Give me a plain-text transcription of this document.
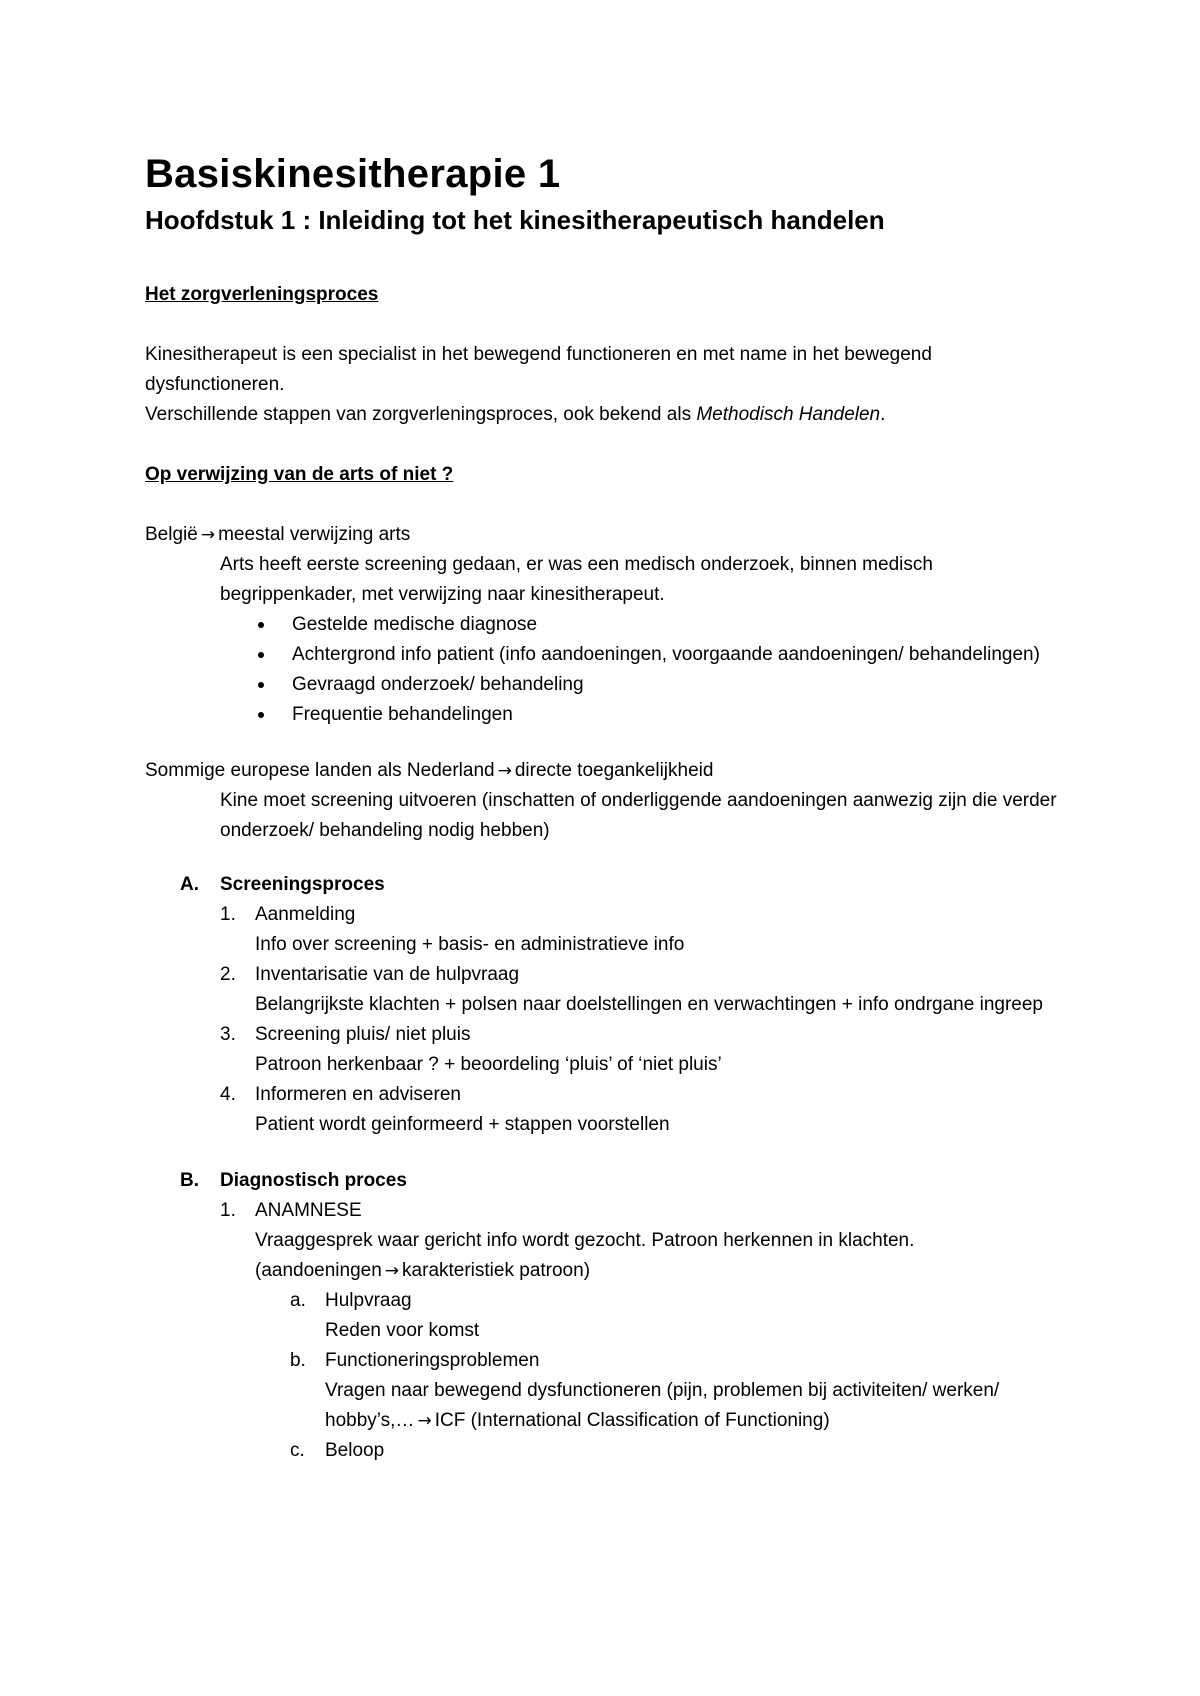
Basiskinesitherapie 1
Hoofdstuk 1 : Inleiding tot het kinesitherapeutisch handelen

Het zorgverleningsproces

Kinesitherapeut is een specialist in het bewegend functioneren en met name in het bewegend dysfunctioneren.

Verschillende stappen van zorgverleningsproces, ook bekend als Methodisch Handelen.

Op verwijzing van de arts of niet ?

België → meestal verwijzing arts

Arts heeft eerste screening gedaan, er was een medisch onderzoek, binnen medisch begrippenkader, met verwijzing naar kinesitherapeut.

Gestelde medische diagnose
Achtergrond info patient (info aandoeningen, voorgaande aandoeningen/ behandelingen)
Gevraagd onderzoek/ behandeling
Frequentie behandelingen

Sommige europese landen als Nederland → directe toegankelijkheid

Kine moet screening uitvoeren (inschatten of onderliggende aandoeningen aanwezig zijn die verder onderzoek/ behandeling nodig hebben)

A. Screeningsproces
1. Aanmelding
Info over screening + basis- en administratieve info
2. Inventarisatie van de hulpvraag
Belangrijkste klachten + polsen naar doelstellingen en verwachtingen + info ondrgane ingreep
3. Screening pluis/ niet pluis
Patroon herkenbaar ? + beoordeling ‘pluis’ of ‘niet pluis’
4. Informeren en adviseren
Patient wordt geinformeerd + stappen voorstellen
B. Diagnostisch proces
1. ANAMNESE
Vraaggesprek waar gericht info wordt gezocht. Patroon herkennen in klachten.
(aandoeningen → karakteristiek patroon)
a. Hulpvraag
Reden voor komst
b. Functioneringsproblemen
Vragen naar bewegend dysfunctioneren (pijn, problemen bij activiteiten/ werken/ hobby’s,… → ICF (International Classification of Functioning)
c. Beloop
